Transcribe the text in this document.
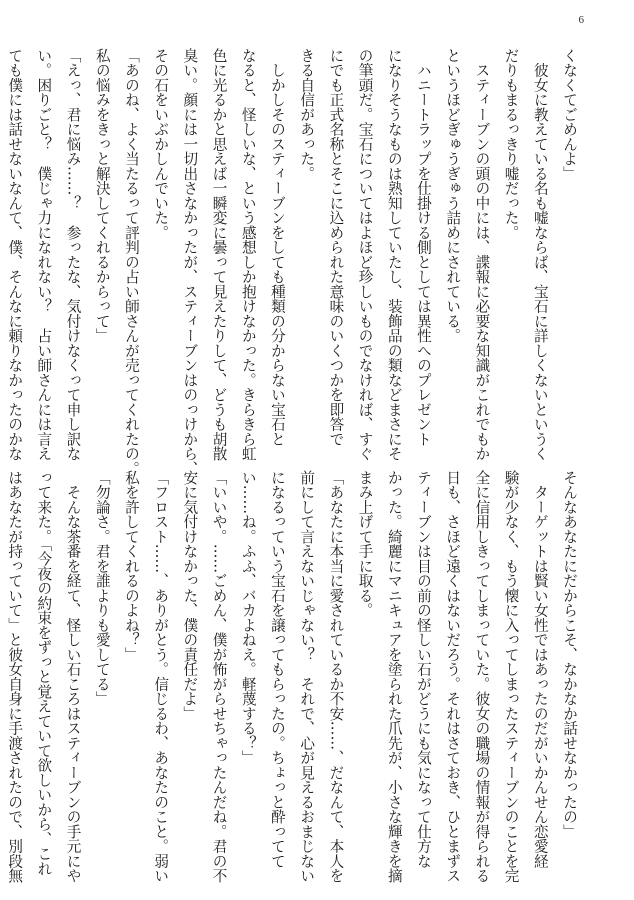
6
くなくてごめんよ」
　彼女に教えている名も嘘ならば、宝石に詳しくないというく
だりもまるっきり嘘だった。
　スティーブンの頭の中には、諜報に必要な知識がこれでもか
というほどぎゅうぎゅう詰めにされている。
　ハニートラップを仕掛ける側としては異性へのプレゼント
になりそうなものは熟知していたし、装飾品の類などまさにそ
の筆頭だ。宝石についてはよほど珍しいものでなければ、すぐ
にでも正式名称とそこに込められた意味のいくつかを即答で
きる自信があった。
　しかしそのスティーブンをしても種類の分からない宝石と
なると、怪しいな、という感想しか抱けなかった。きらきら虹
色に光るかと思えば一瞬変に曇って見えたりして、どうも胡散
臭い。顔には一切出さなかったが、スティーブンはのっけから、
その石をいぶかしんでいた。
「あのね、よく当たるって評判の占い師さんが売ってくれたの。
私の悩みをきっと解決してくれるからって」
「えっ、君に悩み……？　参ったな、気付けなくって申し訳な
い。困りごと？　僕じゃ力になれない？　占い師さんには言え
ても僕には話せないなんて、僕、そんなに頼りなかったのかな
そんなあなたにだからこそ、なかなか話せなかったの」
　ターゲットは賢い女性ではあったのだがいかんせん恋愛経
験が少なく、もう懐に入ってしまったスティーブンのことを完
全に信用しきってしまっていた。彼女の職場の情報が得られる
日も、さほど遠くはないだろう。それはさておき、ひとまずス
ティーブンは目の前の怪しい石がどうにも気になって仕方な
かった。綺麗にマニキュアを塗られた爪先が、小さな輝きを摘
まみ上げて手に取る。
「あなたに本当に愛されているか不安……、だなんて、本人を
前にして言えないじゃない？　それで、心が見えるおまじない
になるっていう宝石を譲ってもらったの。ちょっと酔ってて
い……ね。ふふ、バカよねえ。軽蔑する？」
「いいや。……ごめん、僕が怖がらせちゃったんだね。君の不
安に気付けなかった、僕の責任だよ」
「フロスト……、ありがとう。信じるわ、あなたのこと。弱い
私を許してくれるのよね？」
「勿論さ。君を誰よりも愛してる」
　そんな茶番を経て、怪しい石ころはスティーブンの手元にや
って来た。「今夜の約束をずっと覚えていて欲しいから、これ
はあなたが持っていて」と彼女自身に手渡されたので、別段無
